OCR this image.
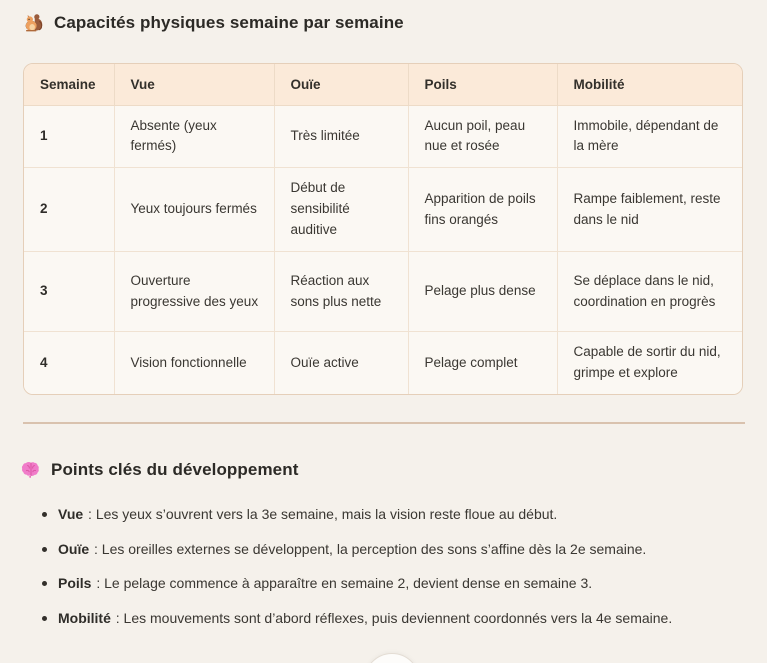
Capacités physiques semaine par semaine
Semaine	Vue	Ouïe	Poils	Mobilité
1	Absente (yeux fermés)	Très limitée	Aucun poil, peau nue et rosée	Immobile, dépendant de la mère
2	Yeux toujours fermés	Début de sensibilité auditive	Apparition de poils fins orangés	Rampe faiblement, reste dans le nid
3	Ouverture progressive des yeux	Réaction aux sons plus nette	Pelage plus dense	Se déplace dans le nid, coordination en progrès
4	Vision fonctionnelle	Ouïe active	Pelage complet	Capable de sortir du nid, grimpe et explore
Points clés du développement
Vue : Les yeux s’ouvrent vers la 3e semaine, mais la vision reste floue au début.
Ouïe : Les oreilles externes se développent, la perception des sons s’affine dès la 2e semaine.
Poils : Le pelage commence à apparaître en semaine 2, devient dense en semaine 3.
Mobilité : Les mouvements sont d’abord réflexes, puis deviennent coordonnés vers la 4e semaine.
